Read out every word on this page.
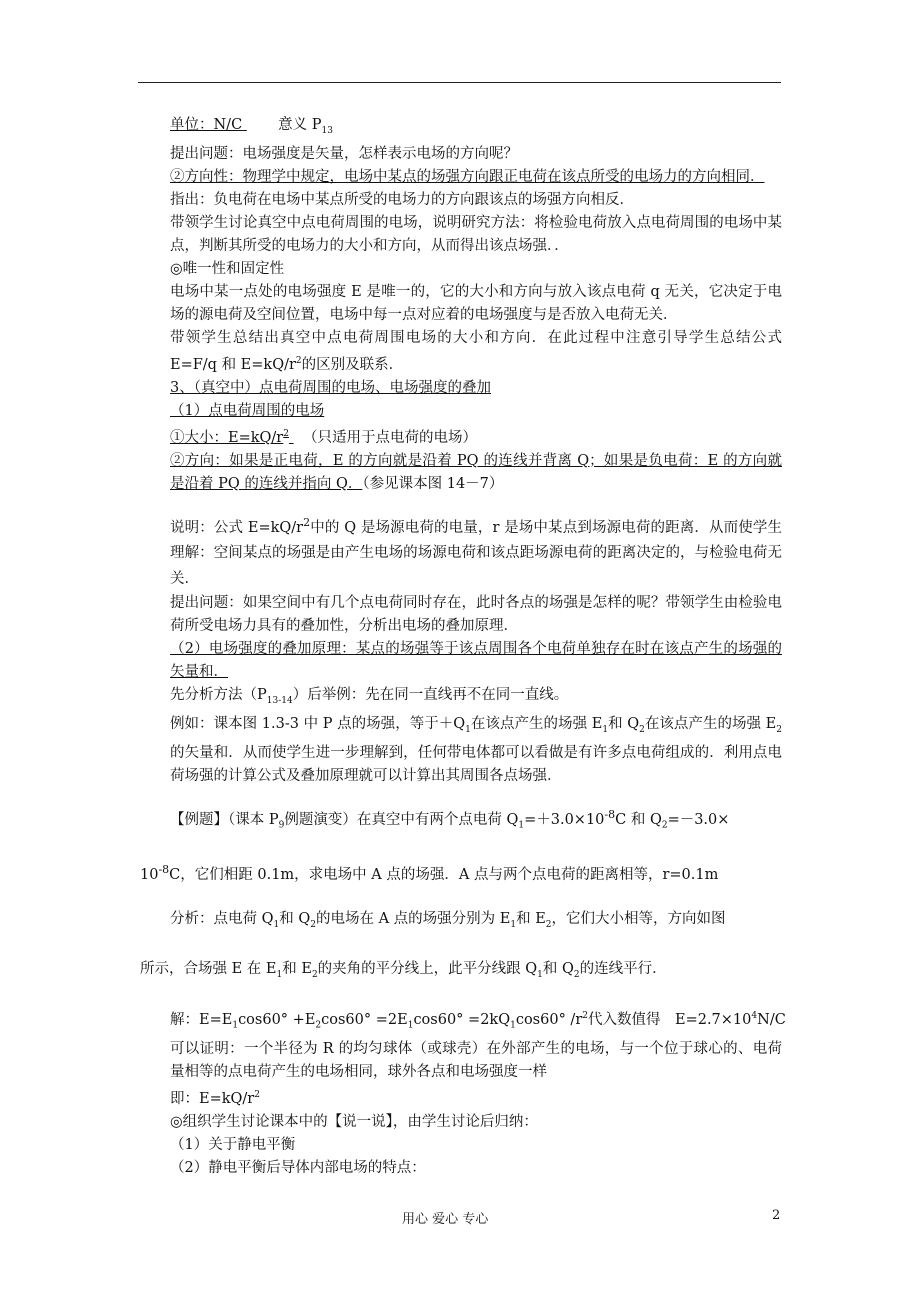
单位：N/C 意义 $P_{13}$

提出问题：电场强度是矢量，怎样表示电场的方向呢？

②方向性：物理学中规定，电场中某点的场强方向跟正电荷在该点所受的电场力的方向相同．

指出：负电荷在电场中某点所受的电场力的方向跟该点的场强方向相反．

带领学生讨论真空中点电荷周围的电场，说明研究方法：将检验电荷放入点电荷周围的电场中某点，判断其所受的电场力的大小和方向，从而得出该点场强．．

◎唯一性和固定性

电场中某一点处的电场强度 E 是唯一的，它的大小和方向与放入该点电荷 q 无关，它决定于电场的源电荷及空间位置，电场中每一点对应着的电场强度与是否放入电荷无关．

带领学生总结出真空中点电荷周围电场的大小和方向．在此过程中注意引导学生总结公式 E=F/q 和 $E=kQ/r^2$的区别及联系．

3、（真空中）点电荷周围的电场、电场强度的叠加

（1）点电荷周围的电场

①大小：$E=kQ/r^2$ （只适用于点电荷的电场）

②方向：如果是正电荷，E 的方向就是沿着 PQ 的连线并背离 Q；如果是负电荷：E 的方向就是沿着 PQ 的连线并指向 Q．（参见课本图 14－7）

说明：公式 $E=kQ/r^2$中的 Q 是场源电荷的电量，r 是场中某点到场源电荷的距离．从而使学生理解：空间某点的场强是由产生电场的场源电荷和该点距场源电荷的距离决定的，与检验电荷无关．

提出问题：如果空间中有几个点电荷同时存在，此时各点的场强是怎样的呢？带领学生由检验电荷所受电场力具有的叠加性，分析出电场的叠加原理．

（2）电场强度的叠加原理：某点的场强等于该点周围各个电荷单独存在时在该点产生的场强的矢量和．

先分析方法$(P_{13-14})$后举例：先在同一直线再不在同一直线。

例如：课本图 1.3-3 中 P 点的场强，等于$+Q_1$在该点产生的场强 $E_1$和 $Q_2$在该点产生的场强 $E_2$的矢量和．从而使学生进一步理解到，任何带电体都可以看做是有许多点电荷组成的．利用点电荷场强的计算公式及叠加原理就可以计算出其周围各点场强．

【例题】（课本 $P_9$例题演变）在真空中有两个点电荷 $Q_1=+3.0\times 10^{-8}C$ 和 $Q_2=-3.0\times$

$10^{-8}C$，它们相距 0.1m，求电场中 A 点的场强．A 点与两个点电荷的距离相等，r=0.1m

分析：点电荷 $Q_1$和 $Q_2$的电场在 A 点的场强分别为 $E_1$和 $E_2$，它们大小相等，方向如图

所示，合场强 E 在 $E_1$和 $E_2$的夹角的平分线上，此平分线跟 $Q_1$和 $Q_2$的连线平行．

解：$E=E_1\cos 60^\circ +E_2\cos 60^\circ =2E_1\cos 60^\circ =2kQ_1\cos 60^\circ$ $/r^2$代入数值得　$E=2.7\times 10^4N/C$

可以证明：一个半径为 R 的均匀球体（或球壳）在外部产生的电场，与一个位于球心的、电荷量相等的点电荷产生的电场相同，球外各点和电场强度一样

即：$E=kQ/r^2$

◎组织学生讨论课本中的【说一说】，由学生讨论后归纳：

（1）关于静电平衡

（2）静电平衡后导体内部电场的特点：

用心 爱心 专心	2
